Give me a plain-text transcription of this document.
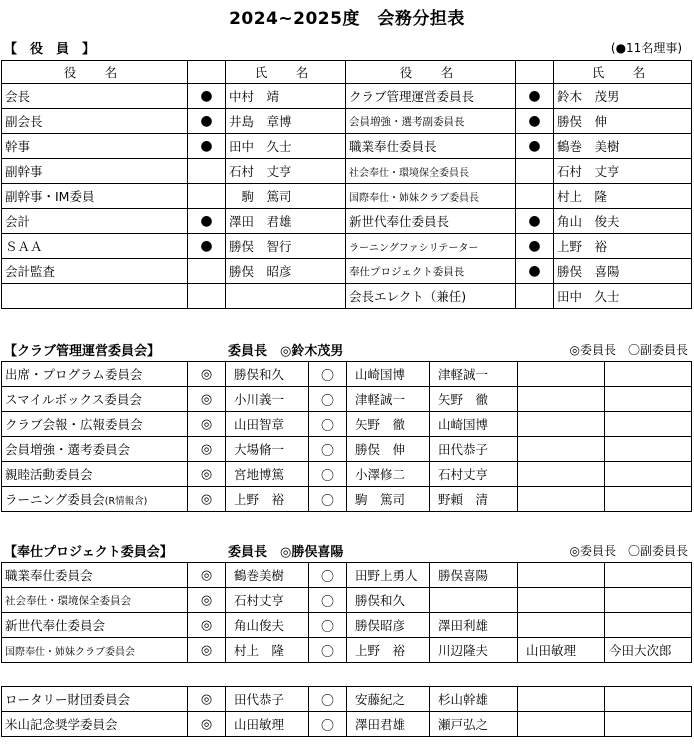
2024~2025度　会務分担表
【　役　員　】	(●11名理事)
役　名		氏　名	役　名		氏　名
会長	●	中村　靖	クラブ管理運営委員長	●	鈴木　茂男
副会長	●	井島　章博	会員増強・選考副委員長	●	勝俣　伸
幹事	●	田中　久士	職業奉仕委員長	●	鶴巻　美樹
副幹事		石村　丈亨	社会奉仕・環境保全委員長		石村　丈亨
副幹事・IM委員		　駒　篤司	国際奉仕・姉妹クラブ委員長		村上　隆
会計	●	澤田　君雄	新世代奉仕委員長	●	角山　俊夫
ＳＡＡ	●	勝俣　智行	ラーニングファシリテーター	●	上野　裕
会計監査		勝俣　昭彦	奉仕プロジェクト委員長	●	勝俣　喜陽
			会長エレクト（兼任)		田中　久士
【クラブ管理運営委員会】	委員長　◎鈴木茂男	◎委員長　〇副委員長
出席・プログラム委員会	◎	勝俣和久	〇	山崎国博	津軽誠一		
スマイルボックス委員会	◎	小川義一	〇	津軽誠一	矢野　徹		
クラブ会報・広報委員会	◎	山田智章	〇	矢野　徹	山崎国博		
会員増強・選考委員会	◎	大場脩一	〇	勝俣　伸	田代恭子		
親睦活動委員会	◎	宮地博篤	〇	小澤修二	石村丈亨		
ラーニング委員会(R情報含)	◎	上野　裕	〇	駒　篤司	野頼　清		
【奉仕プロジェクト委員会】	委員長　◎勝俣喜陽	◎委員長　〇副委員長
職業奉仕委員会	◎	鶴巻美樹	〇	田野上勇人	勝俣喜陽		
社会奉仕・環境保全委員会	◎	石村丈亨	〇	勝俣和久			
新世代奉仕委員会	◎	角山俊夫	〇	勝俣昭彦	澤田利雄		
国際奉仕・姉妹クラブ委員会	◎	村上　隆	〇	上野　裕	川辺隆夫	山田敏理	今田大次郎
ロータリー財団委員会	◎	田代恭子	〇	安藤紀之	杉山幹雄		
米山記念奨学委員会	◎	山田敏理	〇	澤田君雄	瀬戸弘之		
